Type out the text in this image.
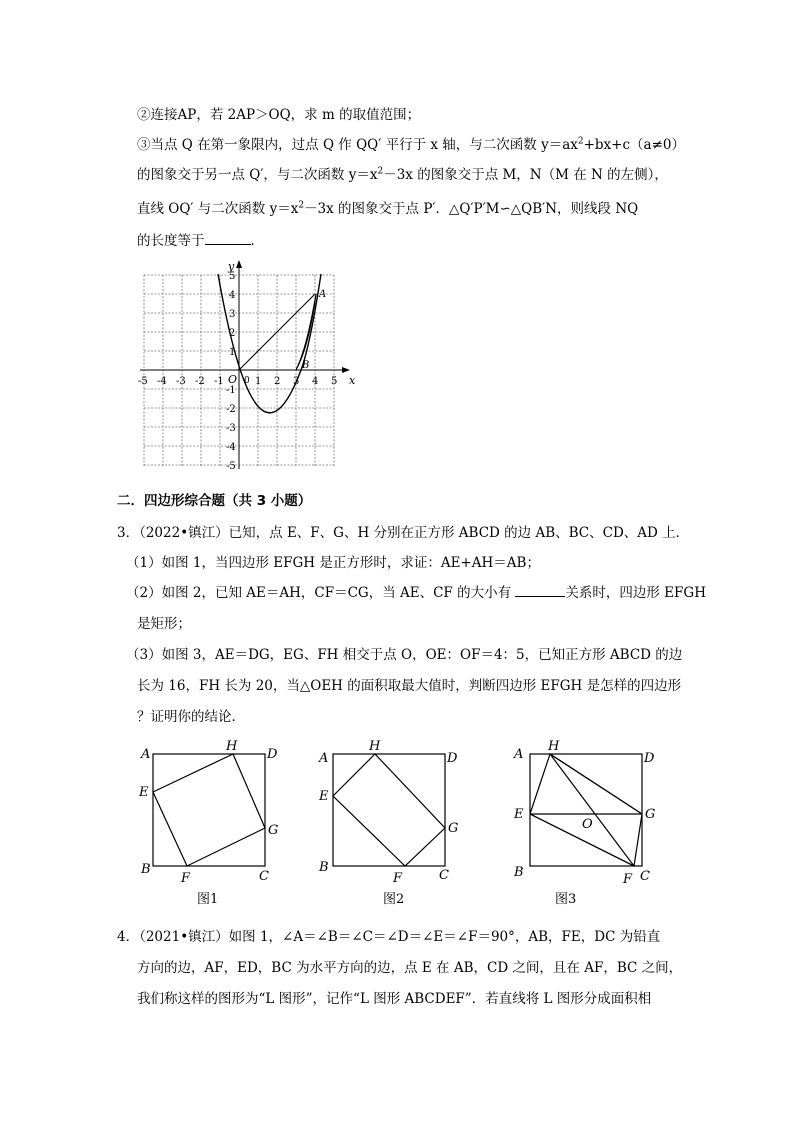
②连接AP，若 2AP＞OQ，求 m 的取值范围；
③当点 Q 在第一象限内，过点 Q 作 QQ′ 平行于 x 轴，与二次函数 $y=ax^2+bx+c(a\ne 0)$
的图象交于另一点 Q′，与二次函数 $y=x^2-3x$ 的图象交于点 M，N（M 在 N 的左侧），
直线 OQ′ 与二次函数 $y=x^2-3x$ 的图象交于点 P′．△Q′P′M∽△QB′N，则线段 NQ
的长度等于	．
y
x
O
A
B
-5 -4 -3 -2 -1	1 2 3 4 5
5
4
3
2
1
-1
-2
-3
-4
-5
0
二．四边形综合题（共 3 小题）
3．（2022•镇江）已知，点 E、F、G、H 分别在正方形 ABCD 的边 AB、BC、CD、AD 上．
（1）如图 1，当四边形 EFGH 是正方形时，求证：AE+AH＝AB；
（2）如图 2，已知 AE＝AH，CF＝CG，当 AE、CF 的大小有	关系时，四边形 EFGH
是矩形；
（3）如图 3，AE＝DG，EG、FH 相交于点 O，OE：OF＝4：5，已知正方形 ABCD 的边
长为 16，FH 长为 20，当△OEH 的面积取最大值时，判断四边形 EFGH 是怎样的四边形
？证明你的结论．
A	D
H
E
G
B
F	C
图1
A	D
H
E
G
B
F	C
图2
A	D
H
E
O
G
B	F C
图3
4．（2021•镇江）如图 1，∠A＝∠B＝∠C＝∠D＝∠E＝∠F＝90°，AB，FE，DC 为铅直
方向的边，AF，ED，BC 为水平方向的边，点 E 在 AB，CD 之间，且在 AF，BC 之间，
我们称这样的图形为“L 图形”，记作“L 图形 ABCDEF”．若直线将 L 图形分成面积相
